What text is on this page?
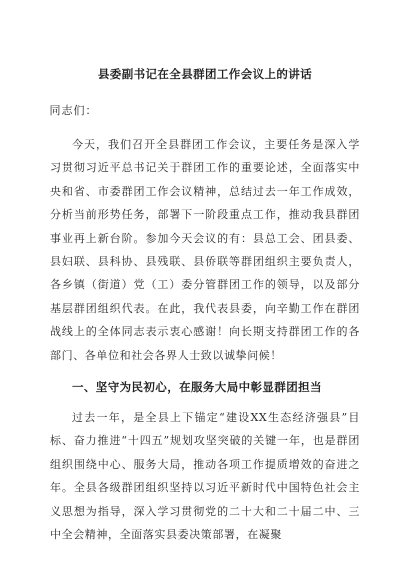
县委副书记在全县群团工作会议上的讲话
同志们：

今天，我们召开全县群团工作会议，主要任务是深入学习贯彻习近平总书记关于群团工作的重要论述，全面落实中央和省、市委群团工作会议精神，总结过去一年工作成效，分析当前形势任务，部署下一阶段重点工作，推动我县群团事业再上新台阶。参加今天会议的有：县总工会、团县委、县妇联、县科协、县残联、县侨联等群团组织主要负责人，各乡镇（街道）党（工）委分管群团工作的领导，以及部分基层群团组织代表。在此，我代表县委，向辛勤工作在群团战线上的全体同志表示衷心感谢！向长期支持群团工作的各部门、各单位和社会各界人士致以诚挚问候！

一、坚守为民初心，在服务大局中彰显群团担当

过去一年，是全县上下锚定“建设XX生态经济强县”目标、奋力推进“十四五”规划攻坚突破的关键一年，也是群团组织围绕中心、服务大局，推动各项工作提质增效的奋进之年。全县各级群团组织坚持以习近平新时代中国特色社会主义思想为指导，深入学习贯彻党的二十大和二十届二中、三中全会精神，全面落实县委决策部署，在凝聚
